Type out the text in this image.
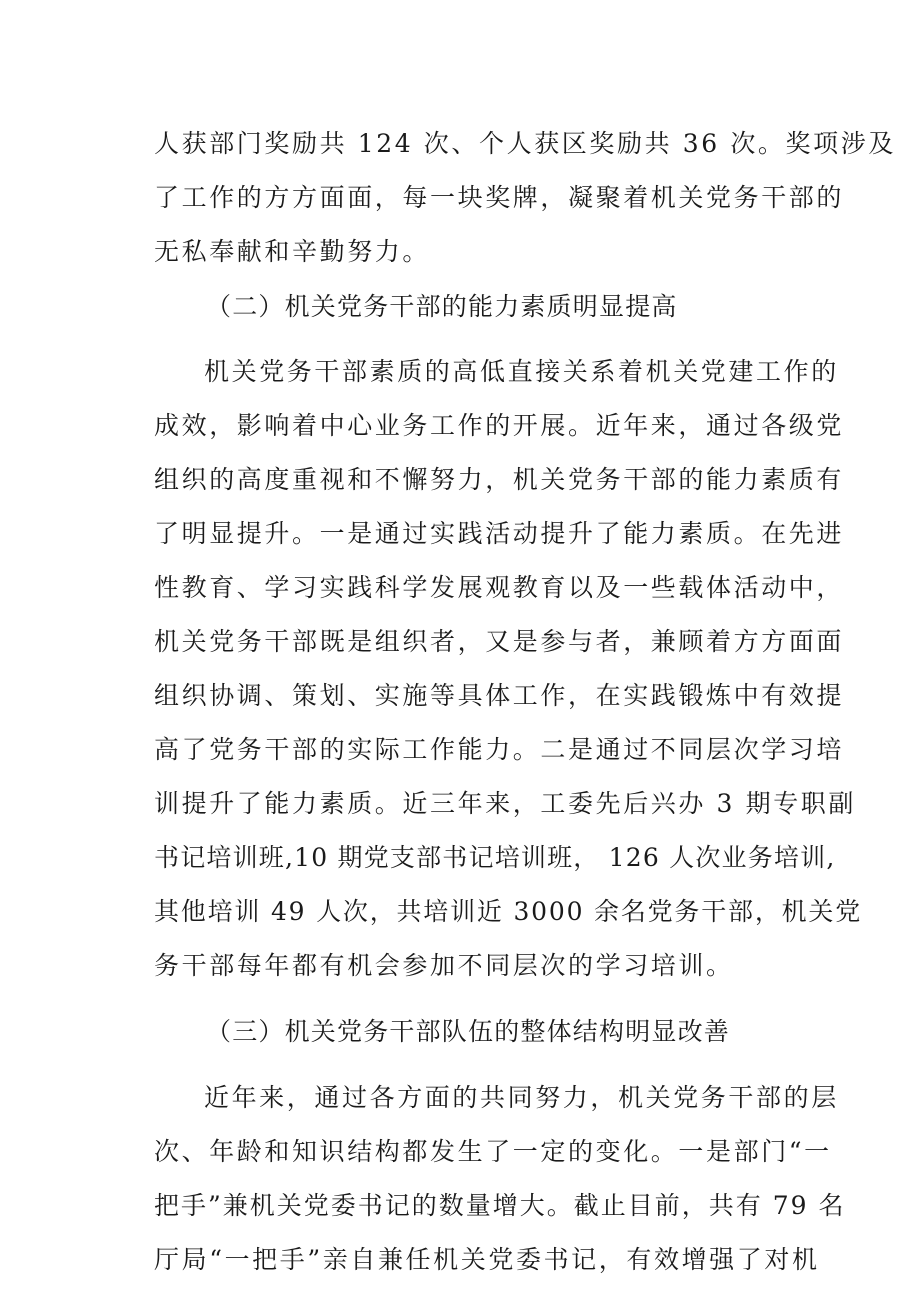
人获部门奖励共 124 次、个人获区奖励共 36 次。奖项涉及
了工作的方方面面，每一块奖牌，凝聚着机关党务干部的
无私奉献和辛勤努力。
（二）机关党务干部的能力素质明显提高
机关党务干部素质的高低直接关系着机关党建工作的
成效，影响着中心业务工作的开展。近年来，通过各级党
组织的高度重视和不懈努力，机关党务干部的能力素质有
了明显提升。一是通过实践活动提升了能力素质。在先进
性教育、学习实践科学发展观教育以及一些载体活动中，
机关党务干部既是组织者，又是参与者，兼顾着方方面面
组织协调、策划、实施等具体工作，在实践锻炼中有效提
高了党务干部的实际工作能力。二是通过不同层次学习培
训提升了能力素质。近三年来，工委先后兴办 3 期专职副
书记培训班,10 期党支部书记培训班， 126 人次业务培训,
其他培训 49 人次，共培训近 3000 余名党务干部，机关党
务干部每年都有机会参加不同层次的学习培训。
（三）机关党务干部队伍的整体结构明显改善
近年来，通过各方面的共同努力，机关党务干部的层
次、年龄和知识结构都发生了一定的变化。一是部门“一
把手”兼机关党委书记的数量增大。截止目前，共有 79 名
厅局“一把手”亲自兼任机关党委书记，有效增强了对机
